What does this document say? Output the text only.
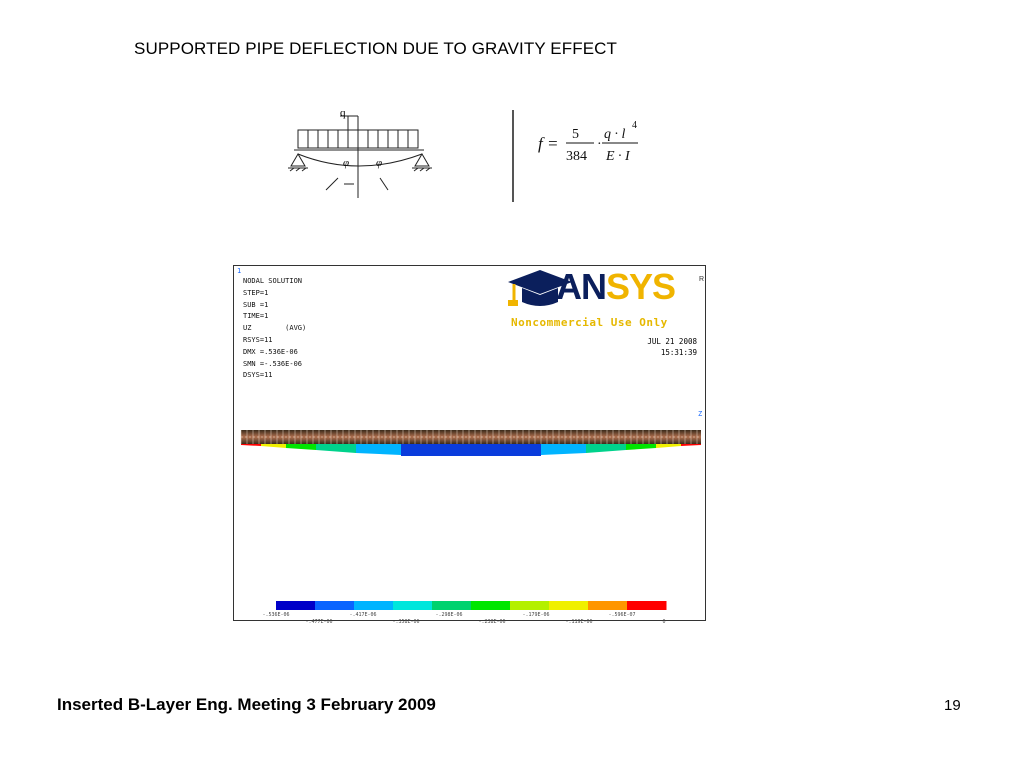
SUPPORTED PIPE DEFLECTION DUE TO GRAVITY EFFECT
q
φ φ
f = 5
384
·
q · l
4
E · I
1
NODAL SOLUTION
STEP=1
SUB =1
TIME=1
UZ        (AVG)
RSYS=11
DMX =.536E-06
SMN =-.536E-06
DSYS=11
ANSYS	R
Noncommercial Use Only
JUL 21 2008
15:31:39
Z
-.536E-06	-.417E-06	-.298E-06	-.179E-06	-.596E-07
-.477E-06	-.358E-06	-.238E-06	-.119E-06	0
Inserted B-Layer Eng. Meeting 3 February 2009	19
